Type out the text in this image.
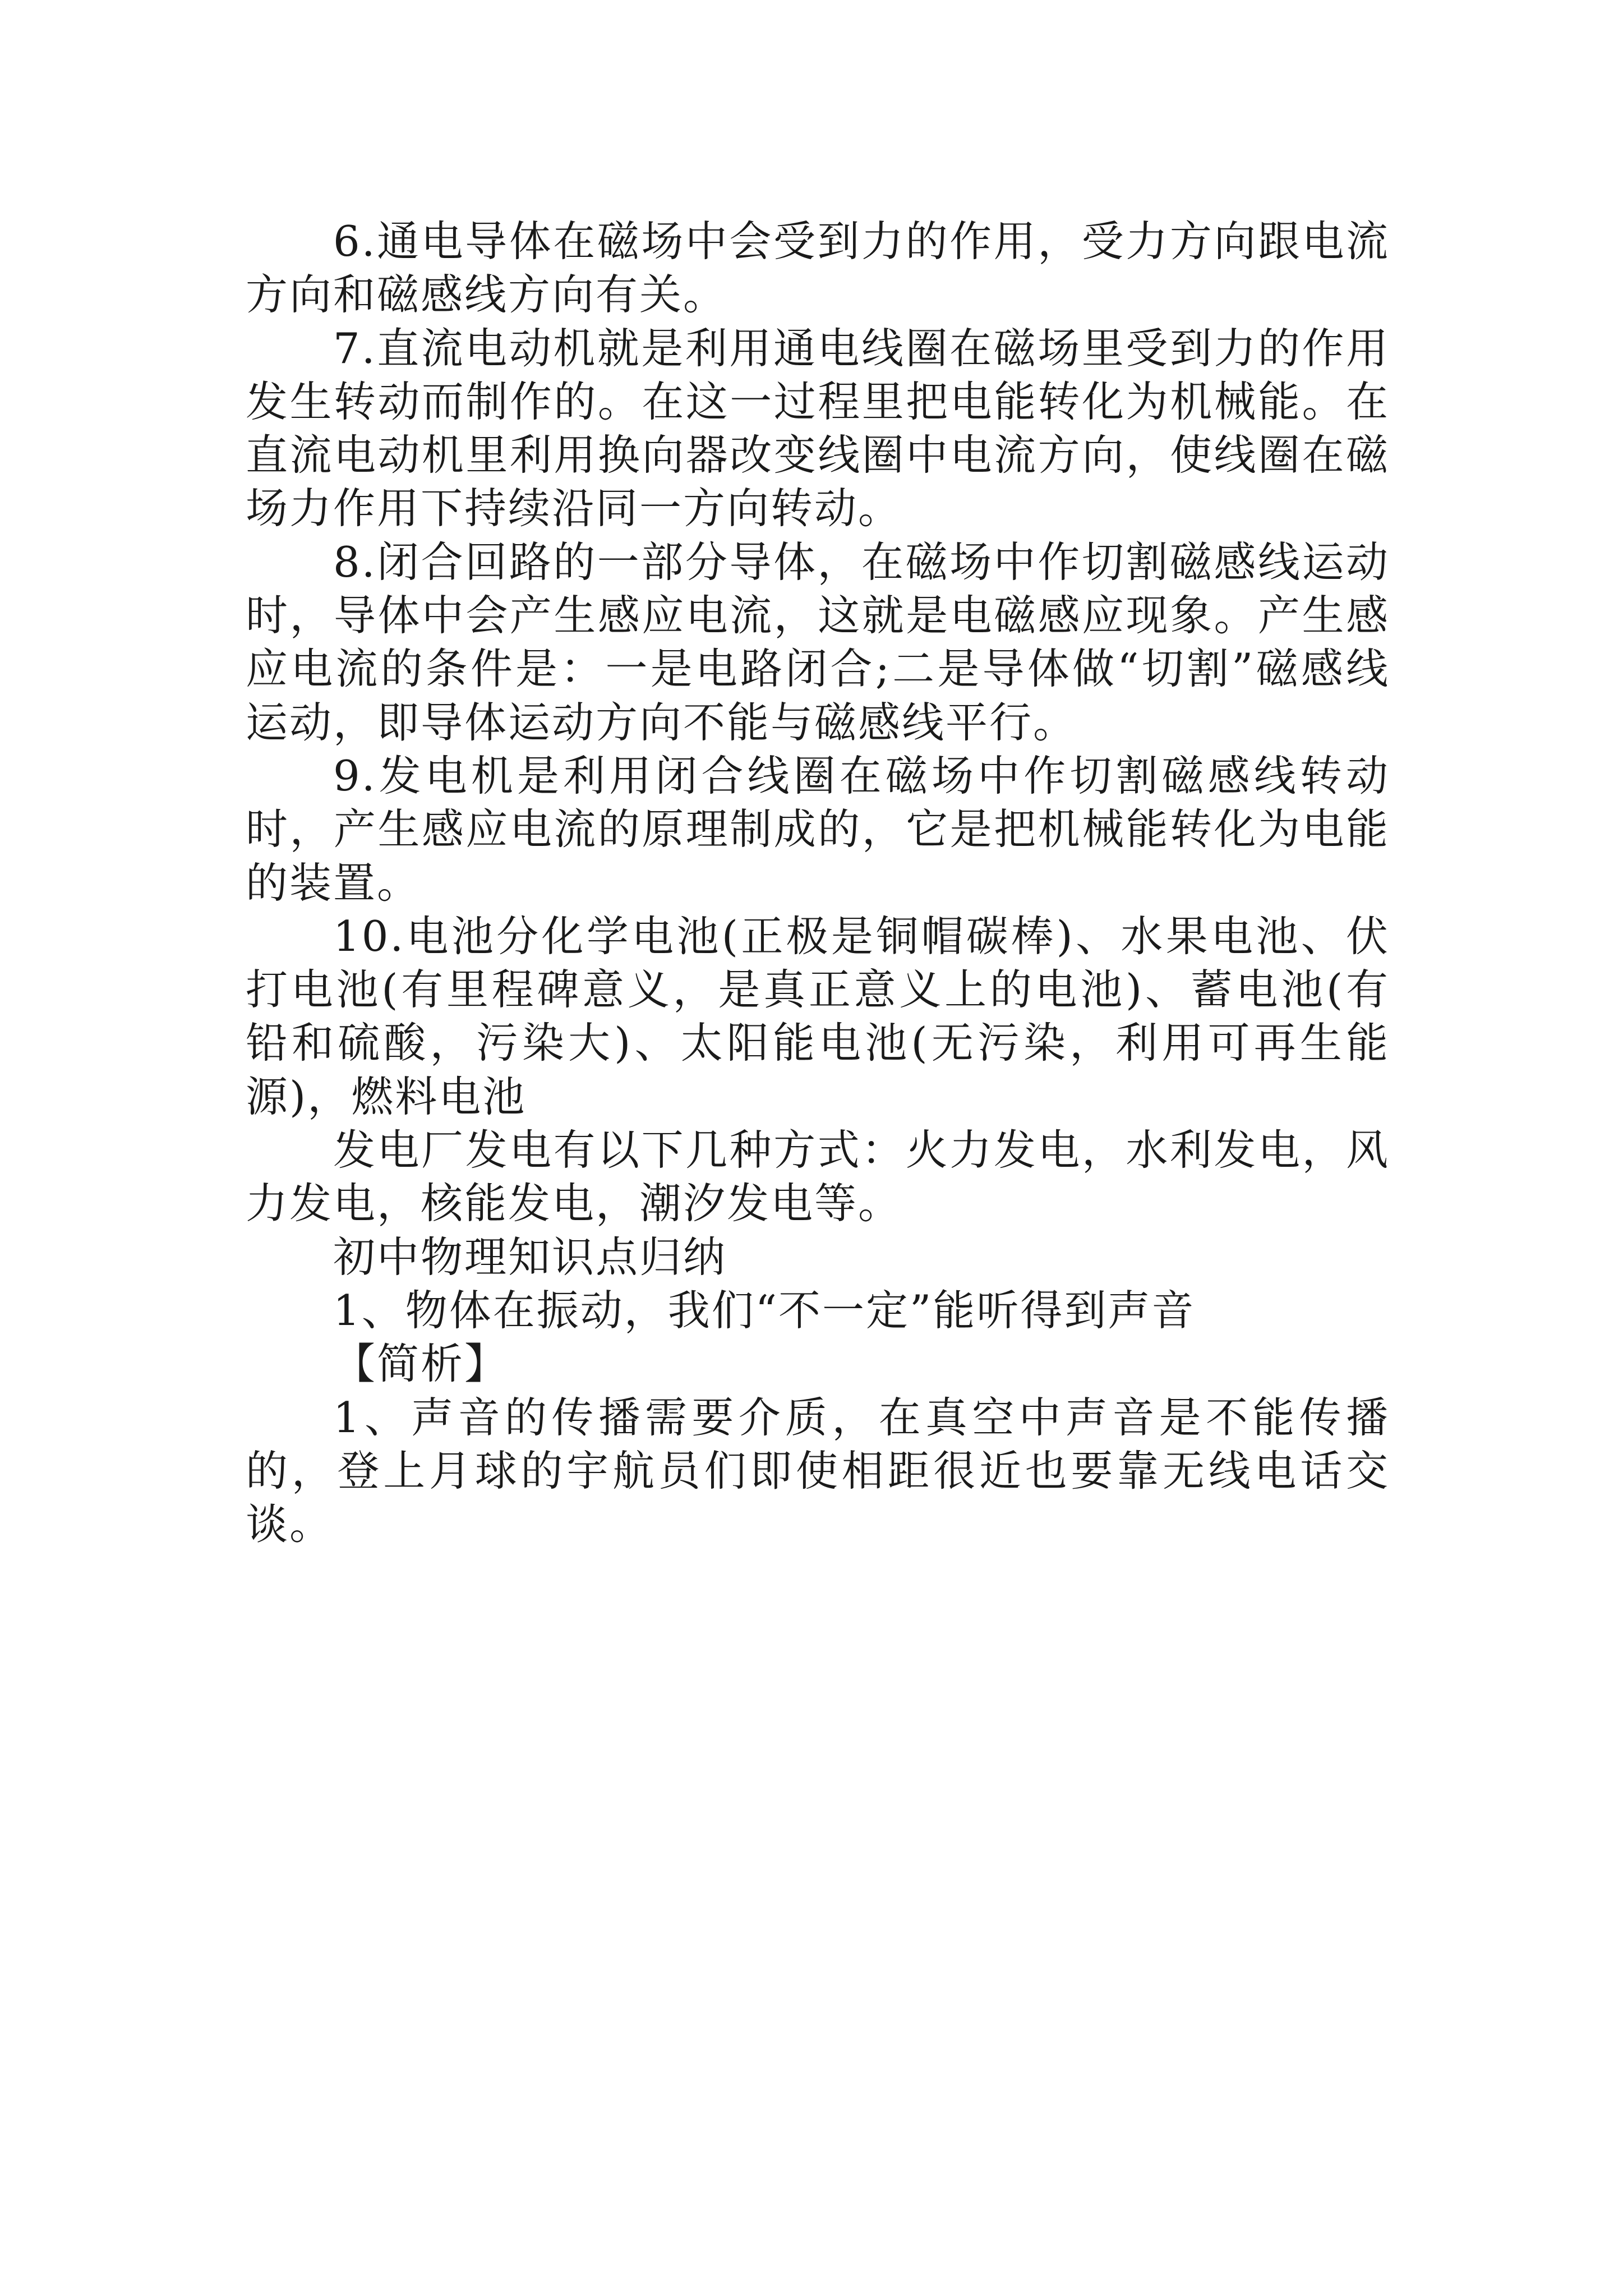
6.通电导体在磁场中会受到力的作用，受力方向跟电流方向和磁感线方向有关。

7.直流电动机就是利用通电线圈在磁场里受到力的作用发生转动而制作的。在这一过程里把电能转化为机械能。在直流电动机里利用换向器改变线圈中电流方向，使线圈在磁场力作用下持续沿同一方向转动。

8.闭合回路的一部分导体，在磁场中作切割磁感线运动时，导体中会产生感应电流，这就是电磁感应现象。产生感应电流的条件是：一是电路闭合;二是导体做“切割”磁感线运动，即导体运动方向不能与磁感线平行。

9.发电机是利用闭合线圈在磁场中作切割磁感线转动时，产生感应电流的原理制成的，它是把机械能转化为电能的装置。

10.电池分化学电池(正极是铜帽碳棒)、水果电池、伏打电池(有里程碑意义，是真正意义上的电池)、蓄电池(有铅和硫酸，污染大)、太阳能电池(无污染，利用可再生能源)，燃料电池

发电厂发电有以下几种方式：火力发电，水利发电，风力发电，核能发电，潮汐发电等。

初中物理知识点归纳

1、物体在振动，我们“不一定”能听得到声音

【简析】

1、声音的传播需要介质，在真空中声音是不能传播的，登上月球的宇航员们即使相距很近也要靠无线电话交谈。
